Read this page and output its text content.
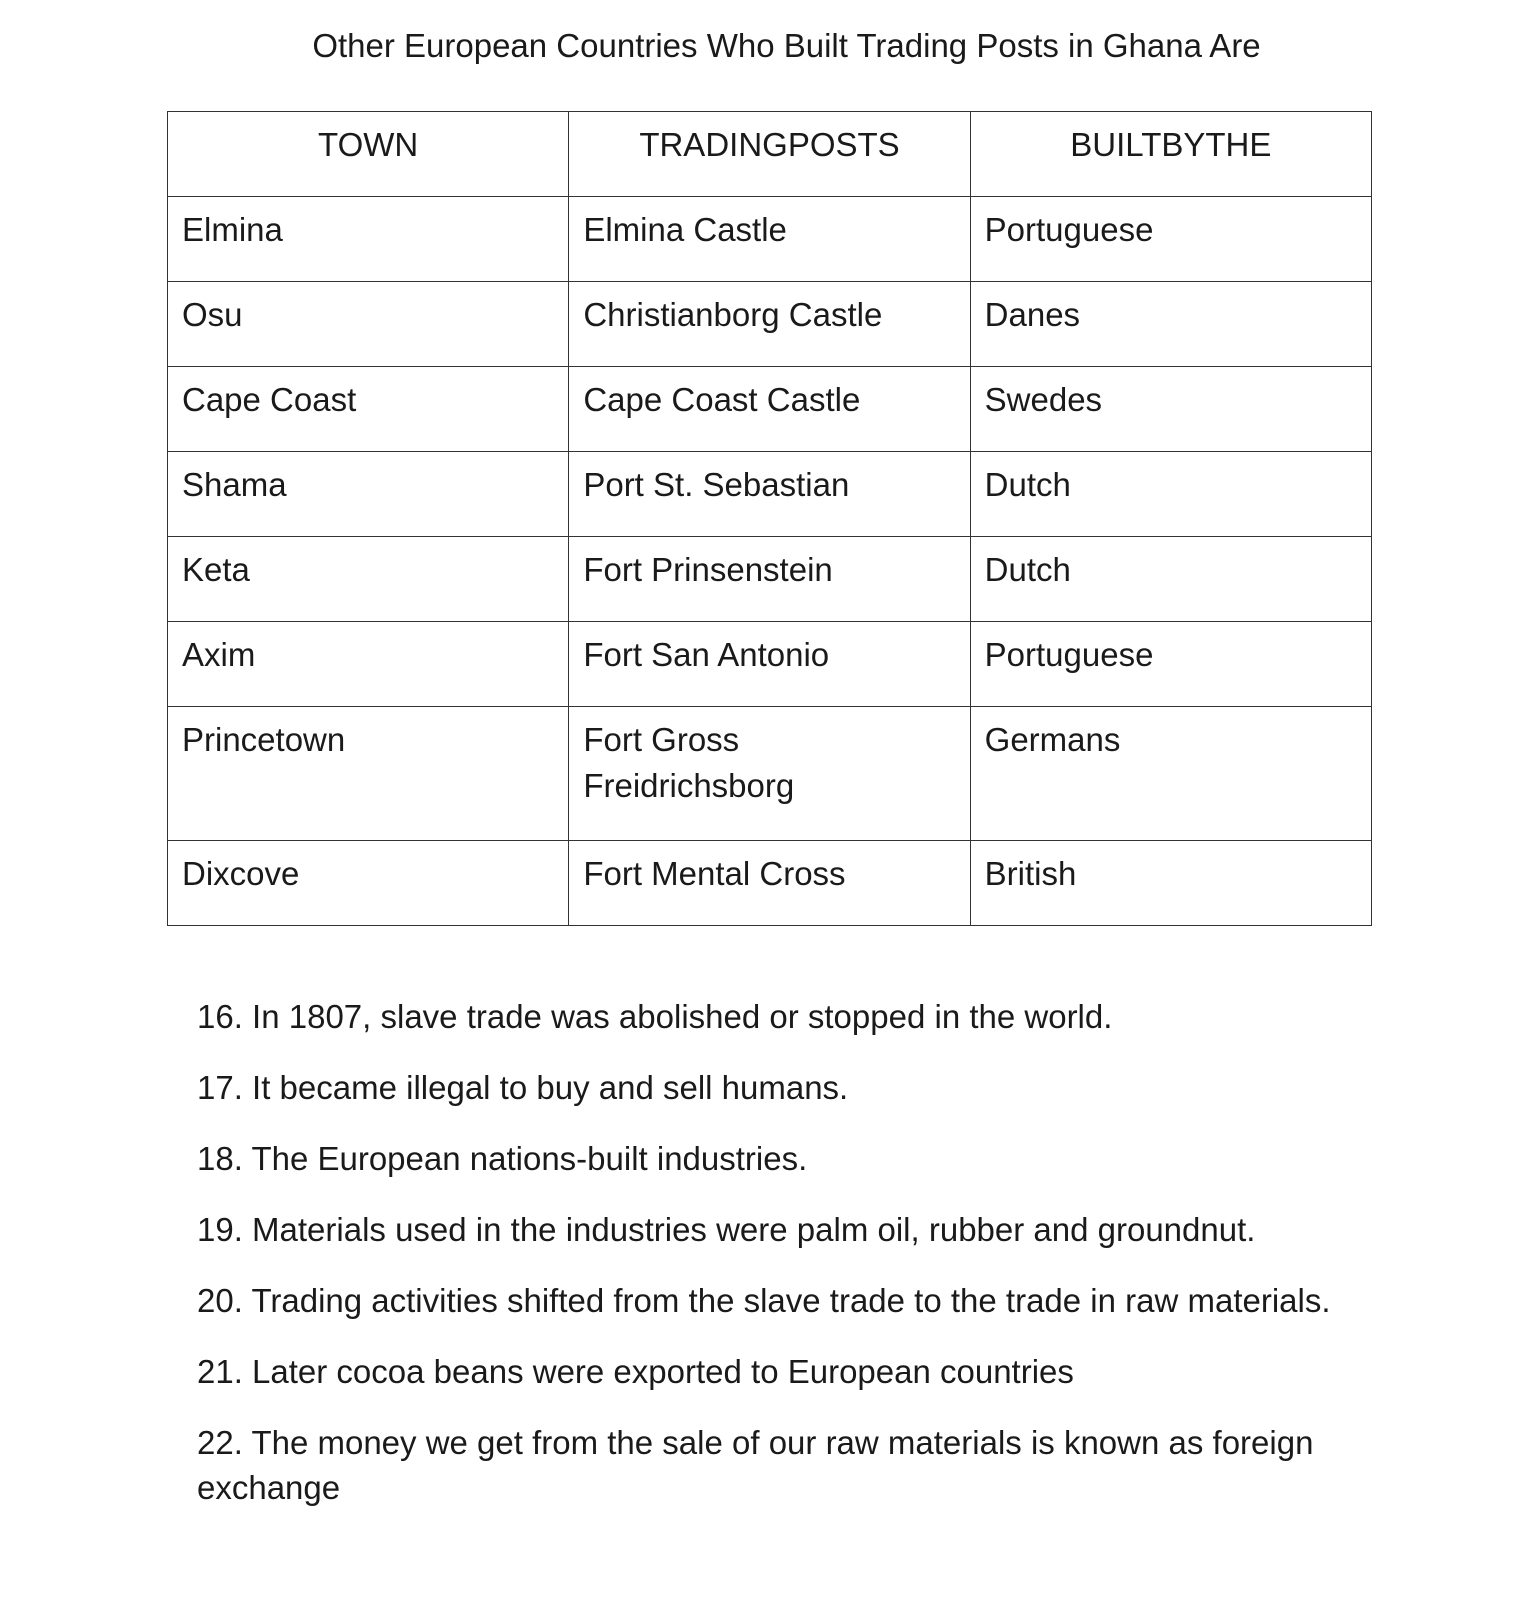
Other European Countries Who Built Trading Posts in Ghana Are
TOWN	TRADINGPOSTS	BUILTBYTHE
Elmina	Elmina Castle	Portuguese
Osu	Christianborg Castle	Danes
Cape Coast	Cape Coast Castle	Swedes
Shama	Port St. Sebastian	Dutch
Keta	Fort Prinsenstein	Dutch
Axim	Fort San Antonio	Portuguese
Princetown	Fort Gross Freidrichsborg	Germans
Dixcove	Fort Mental Cross	British

16. In 1807, slave trade was abolished or stopped in the world.

17. It became illegal to buy and sell humans.

18. The European nations-built industries.

19. Materials used in the industries were palm oil, rubber and groundnut.

20. Trading activities shifted from the slave trade to the trade in raw materials.

21. Later cocoa beans were exported to European countries

22. The money we get from the sale of our raw materials is known as foreign exchange
